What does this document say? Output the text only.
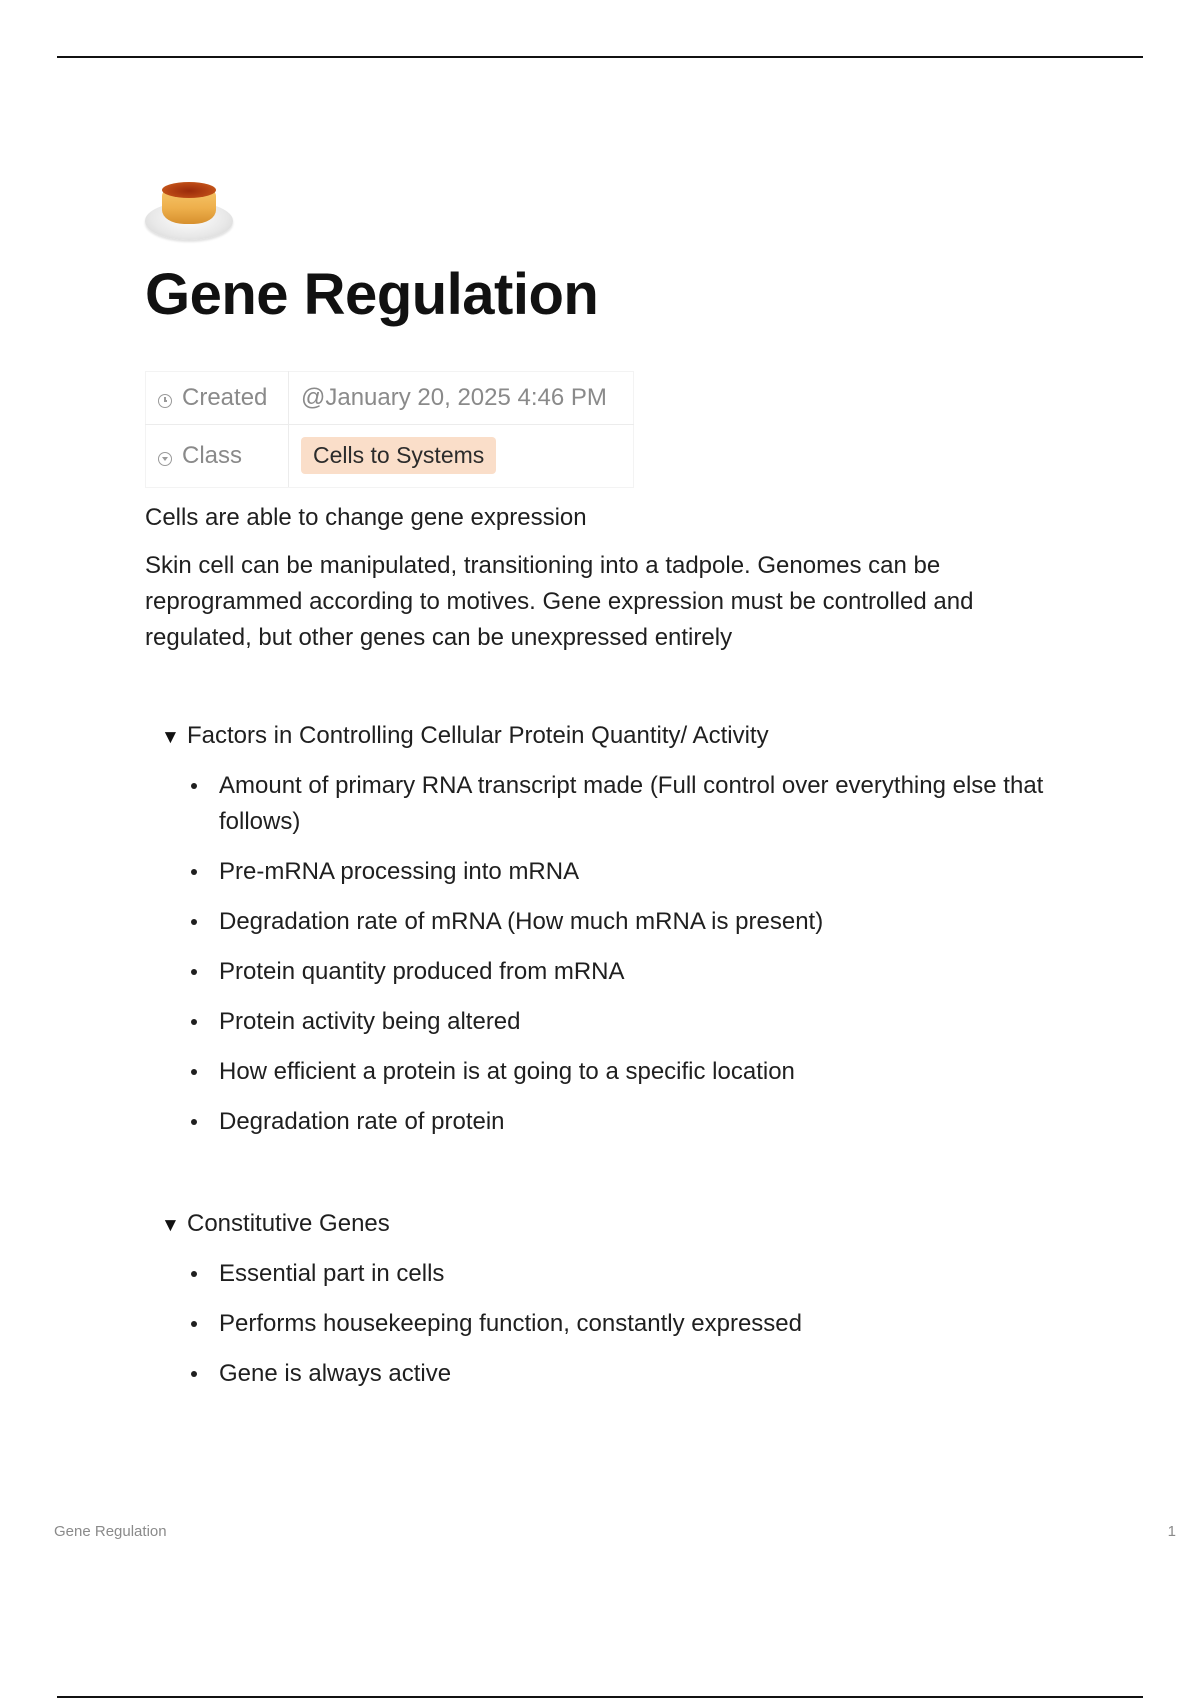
Gene Regulation
Created	@January 20, 2025 4:46 PM
Class	Cells to Systems

Cells are able to change gene expression

Skin cell can be manipulated, transitioning into a tadpole. Genomes can be reprogrammed according to motives. Gene expression must be controlled and regulated, but other genes can be unexpressed entirely

▼ Factors in Controlling Cellular Protein Quantity/ Activity
Amount of primary RNA transcript made (Full control over everything else that follows)
Pre-mRNA processing into mRNA
Degradation rate of mRNA (How much mRNA is present)
Protein quantity produced from mRNA
Protein activity being altered
How efficient a protein is at going to a specific location
Degradation rate of protein
▼ Constitutive Genes
Essential part in cells
Performs housekeeping function, constantly expressed
Gene is always active
Gene Regulation	1
